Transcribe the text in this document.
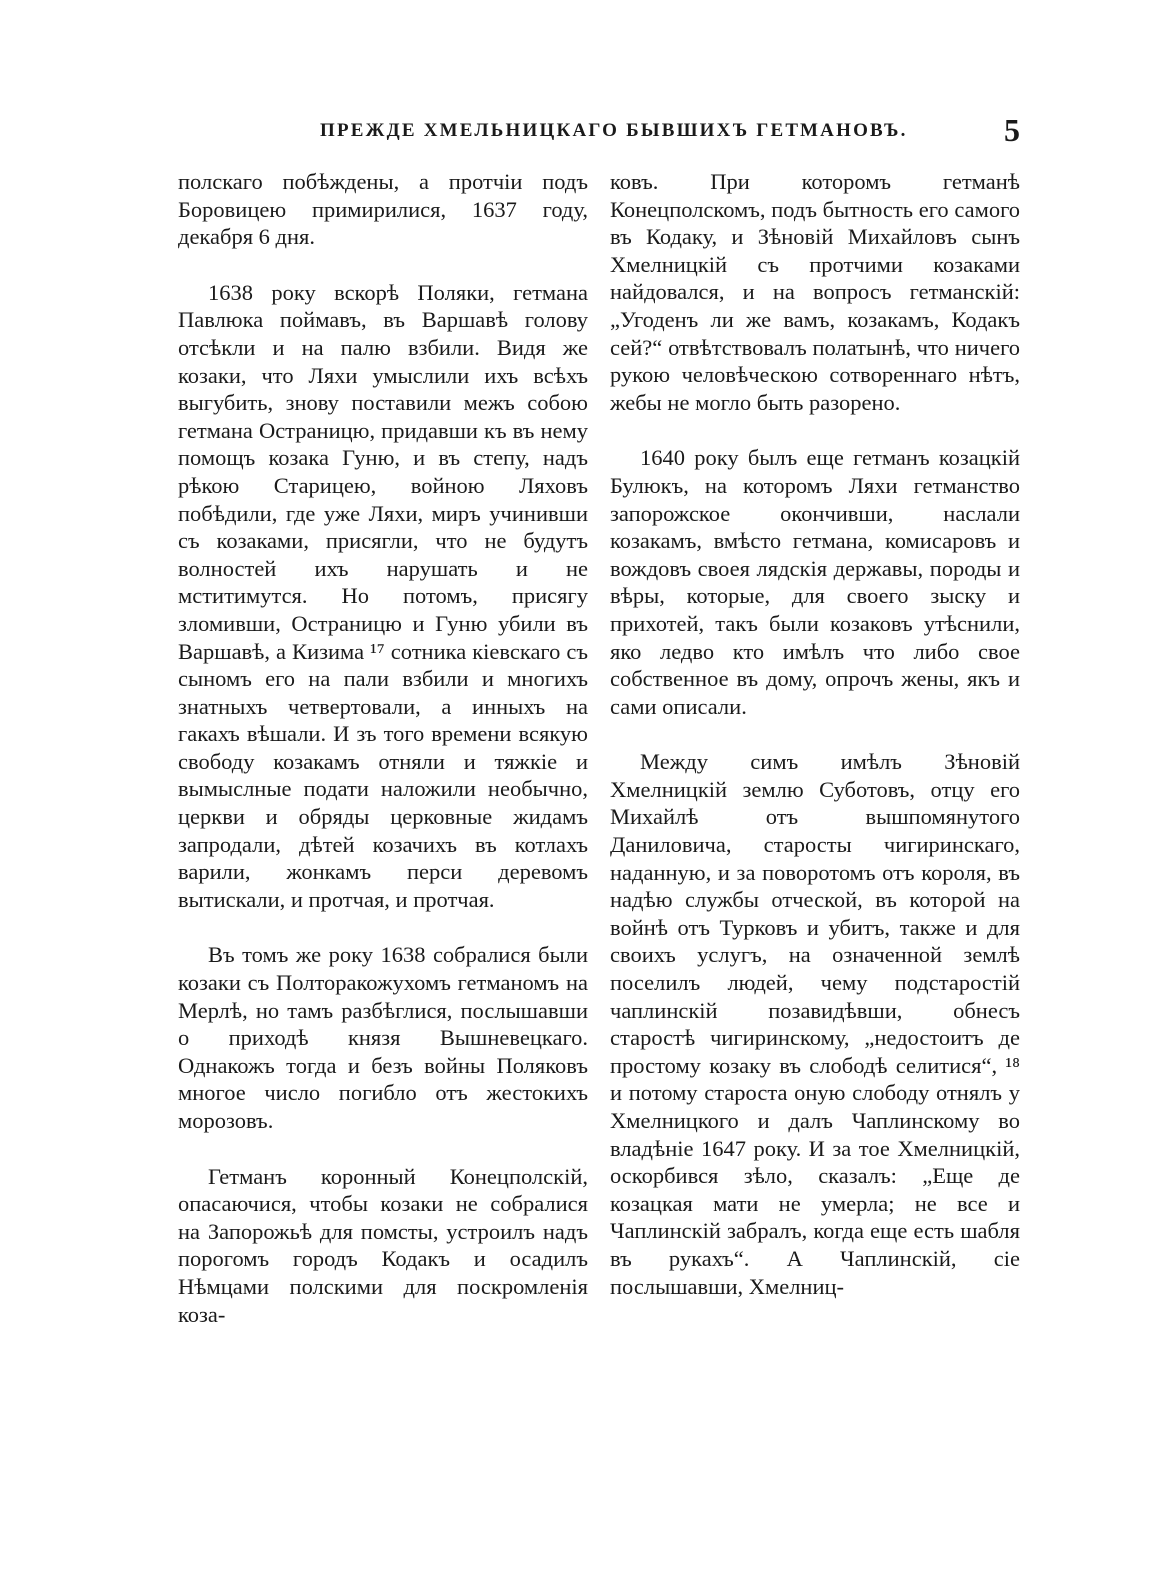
ПРЕЖДЕ ХМЕЛЬНИЦКАГО БЫВШИХЪ ГЕТМАНОВЪ.	5

полскаго побѣждены, а протчіи подъ Боровицею примирилися, 1637 году, декабря 6 дня.

1638 року вскорѣ Поляки, гетмана Павлюка поймавъ, въ Варшавѣ голову отсѣкли и на палю взбили. Видя же козаки, что Ляхи умыслили ихъ всѣхъ выгубить, знову поставили межъ собою гетмана Остраницю, придавши къ въ нему помощъ козака Гуню, и въ степу, надъ рѣкою Старицею, войною Ляховъ побѣдили, где уже Ляхи, миръ учинивши съ козаками, присягли, что не будутъ волностей ихъ нарушать и не мститимутся. Но потомъ, присягу зломивши, Остраницю и Гуню убили въ Варшавѣ, а Кизима ¹⁷ сотника кіевскаго съ сыномъ его на пали взбили и многихъ знатныхъ четвертовали, а инныхъ на гакахъ вѣшали. И зъ того времени всякую свободу козакамъ отняли и тяжкіе и вымыслные подати наложили необычно, церкви и обряды церковные жидамъ запродали, дѣтей козачихъ въ котлахъ варили, жонкамъ перси деревомъ вытискали, и протчая, и протчая.

Въ томъ же року 1638 собралися были козаки съ Полторакожухомъ гетманомъ на Мерлѣ, но тамъ разбѣглися, послышавши о приходѣ князя Вышневецкаго. Однакожъ тогда и безъ войны Поляковъ многое число погибло отъ жестокихъ морозовъ.

Гетманъ коронный Конецполскій, опасаючися, чтобы козаки не собралися на Запорожьѣ для помсты, устроилъ надъ порогомъ городъ Кодакъ и осадилъ Нѣмцами полскими для поскромленія коза-

ковъ. При которомъ гетманѣ Конецполскомъ, подъ бытность его самого въ Кодаку, и Зѣновій Михайловъ сынъ Хмелницкій съ протчими козаками найдовался, и на вопросъ гетманскій: „Угоденъ ли же вамъ, козакамъ, Кодакъ сей?“ отвѣтствовалъ полатынѣ, что ничего рукою человѣческою сотвореннаго нѣтъ, жебы не могло быть разорено.

1640 року былъ еще гетманъ козацкій Булюкъ, на которомъ Ляхи гетманство запорожское окончивши, наслали козакамъ, вмѣсто гетмана, комисаровъ и вождовъ своея лядскія державы, породы и вѣры, которые, для своего зыску и прихотей, такъ были козаковъ утѣснили, яко ледво кто имѣлъ что либо свое собственное въ дому, опрочъ жены, якъ и сами описали.

Между симъ имѣлъ Зѣновій Хмелницкій землю Суботовъ, отцу его Михайлѣ отъ вышпомянутого Даниловича, старосты чигиринскаго, наданную, и за поворотомъ отъ короля, въ надѣю службы отческой, въ которой на войнѣ отъ Турковъ и убитъ, также и для своихъ услугъ, на означенной землѣ поселилъ людей, чему подстаростій чаплинскій позавидѣвши, обнесъ старостѣ чигиринскому, „недостоитъ де простому козаку въ слободѣ селитися“, ¹⁸ и потому староста оную слободу отнялъ у Хмелницкого и далъ Чаплинскому во владѣніе 1647 року. И за тое Хмелницкій, оскорбився зѣло, сказалъ: „Еще де козацкая мати не умерла; не все и Чаплинскій забралъ, когда еще есть шабля въ рукахъ“. А Чаплинскій, сіе послышавши, Хмелниц-
